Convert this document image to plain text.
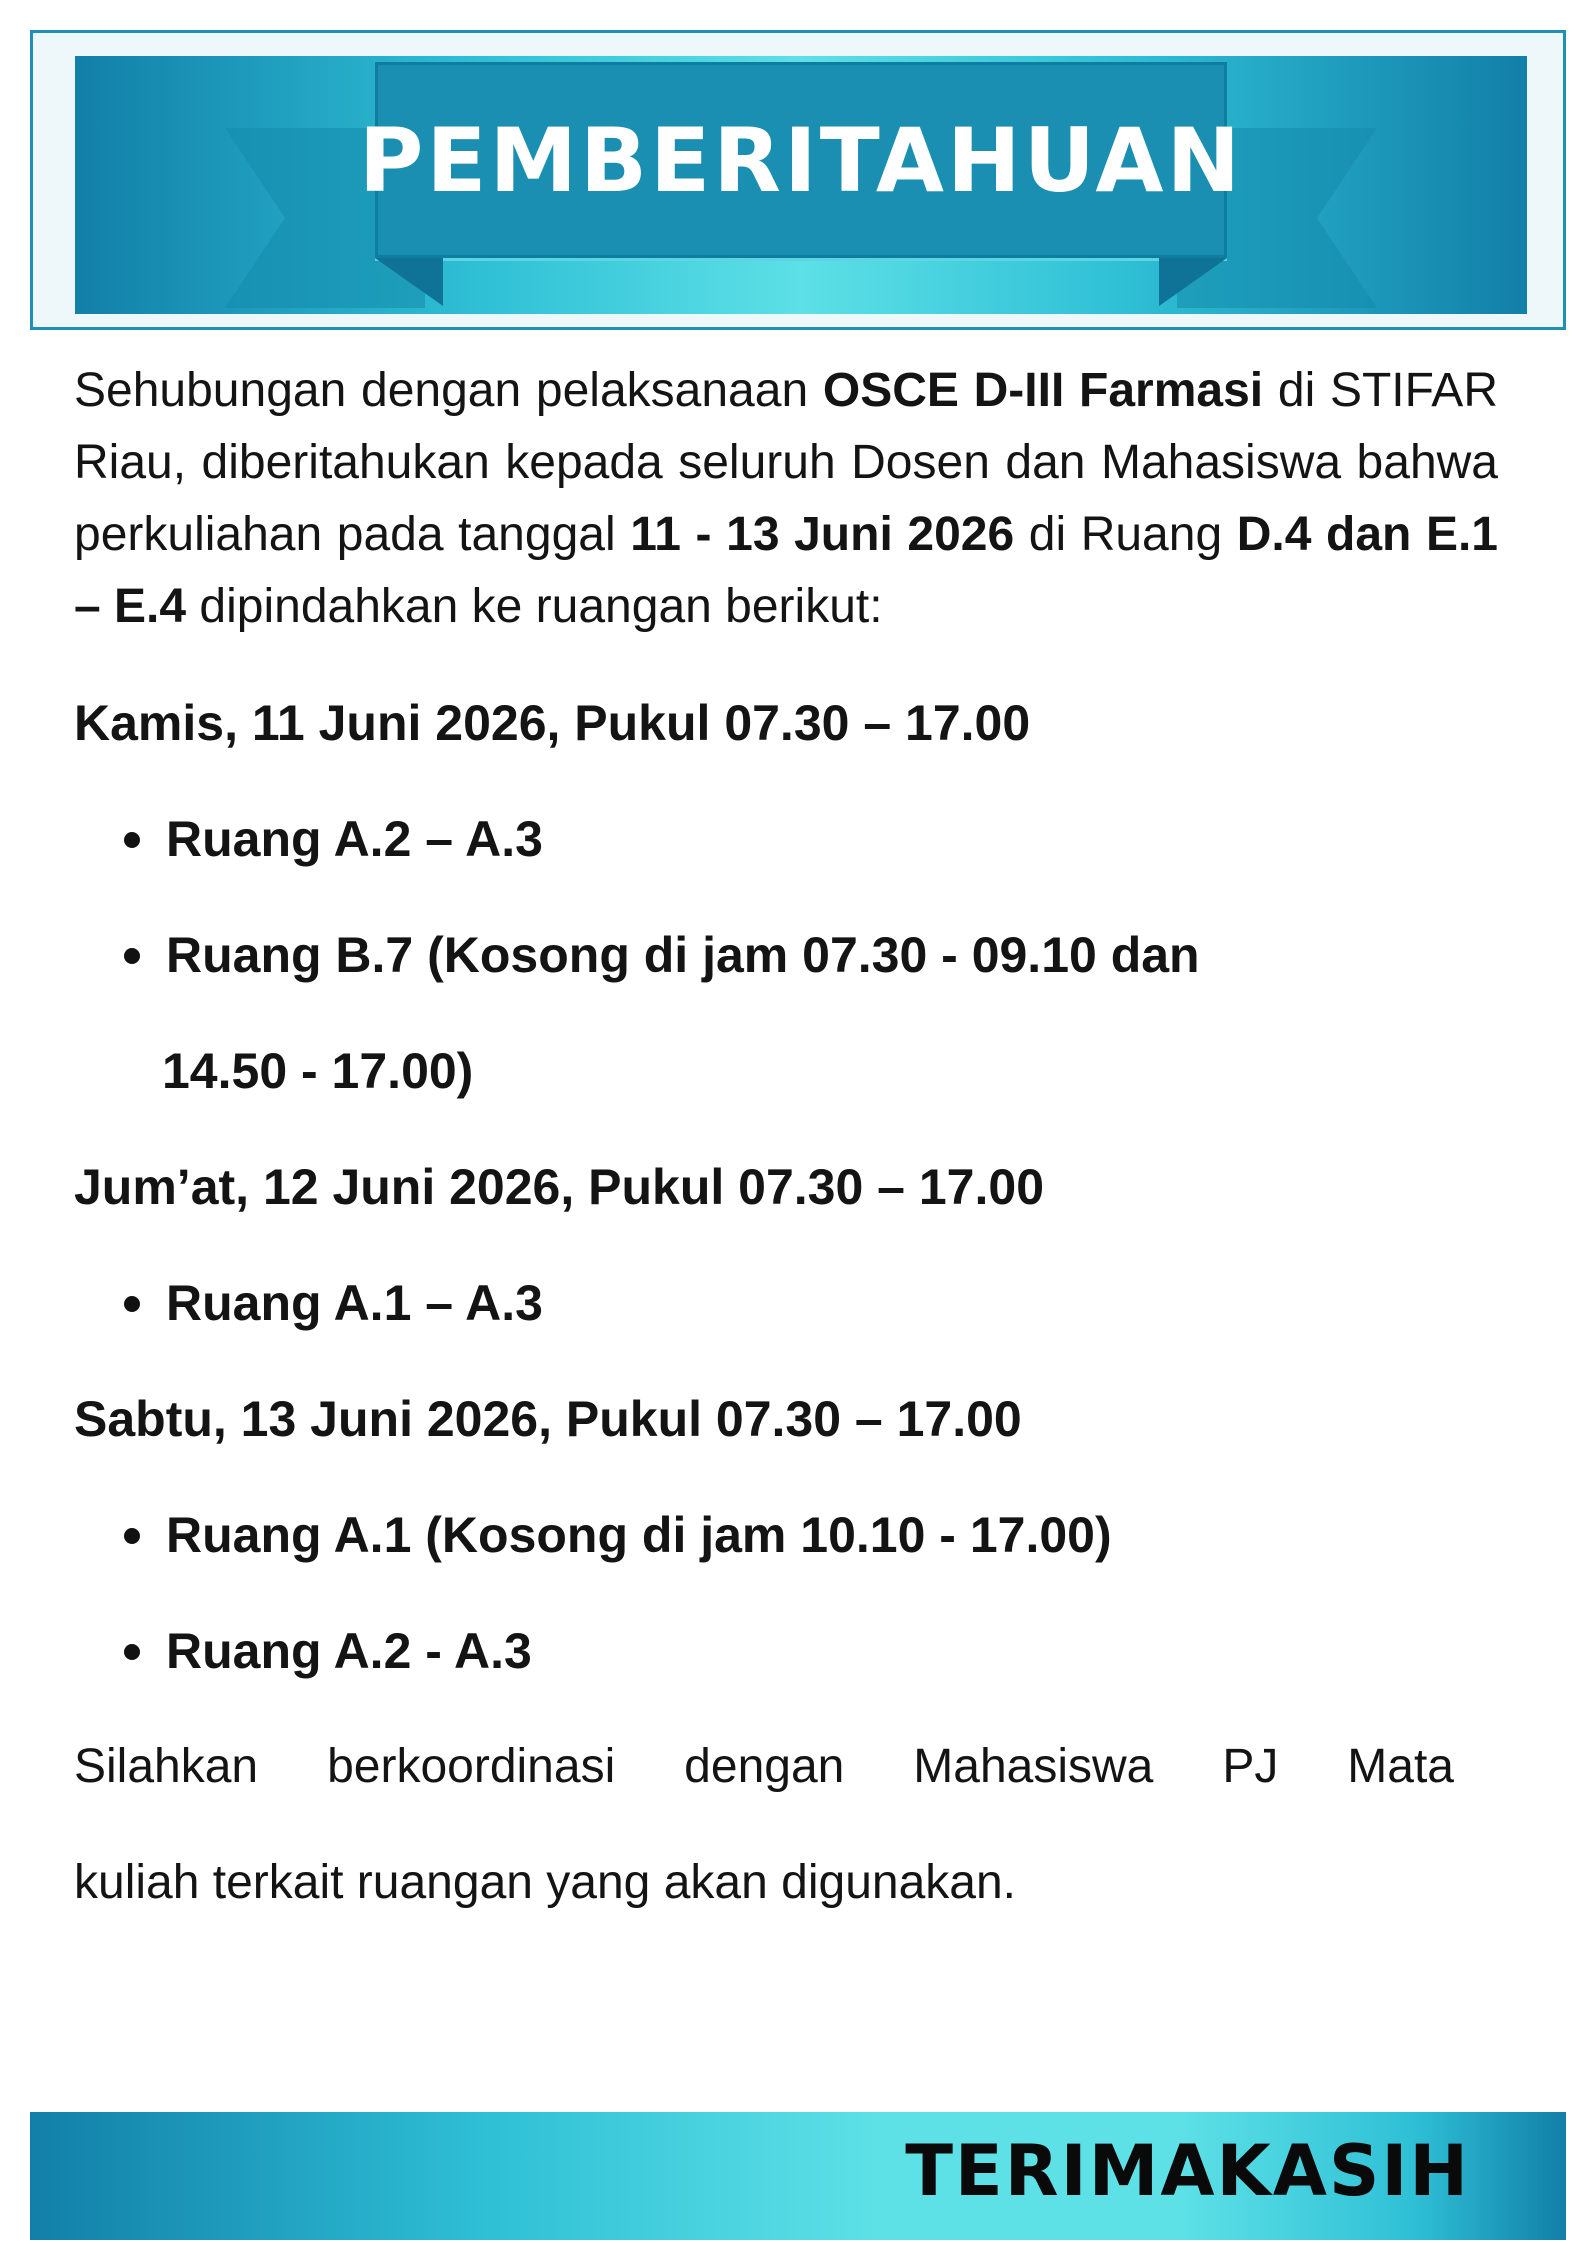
PEMBERITAHUAN

Sehubungan dengan pelaksanaan OSCE D-III Farmasi di STIFAR Riau, diberitahukan kepada seluruh Dosen dan Mahasiswa bahwa perkuliahan pada tanggal 11 - 13 Juni 2026 di Ruang D.4 dan E.1 – E.4 dipindahkan ke ruangan berikut:

Kamis, 11 Juni 2026, Pukul 07.30 – 17.00

Ruang A.2 – A.3
Ruang B.7 (Kosong di jam 07.30 - 09.10 dan
14.50 - 17.00)

Jum’at, 12 Juni 2026, Pukul 07.30 – 17.00

Ruang A.1 – A.3

Sabtu, 13 Juni 2026, Pukul 07.30 – 17.00

Ruang A.1 (Kosong di jam 10.10 - 17.00)
Ruang A.2 - A.3

Silahkan berkoordinasi dengan Mahasiswa PJ Mata

kuliah terkait ruangan yang akan digunakan.

TERIMAKASIH
